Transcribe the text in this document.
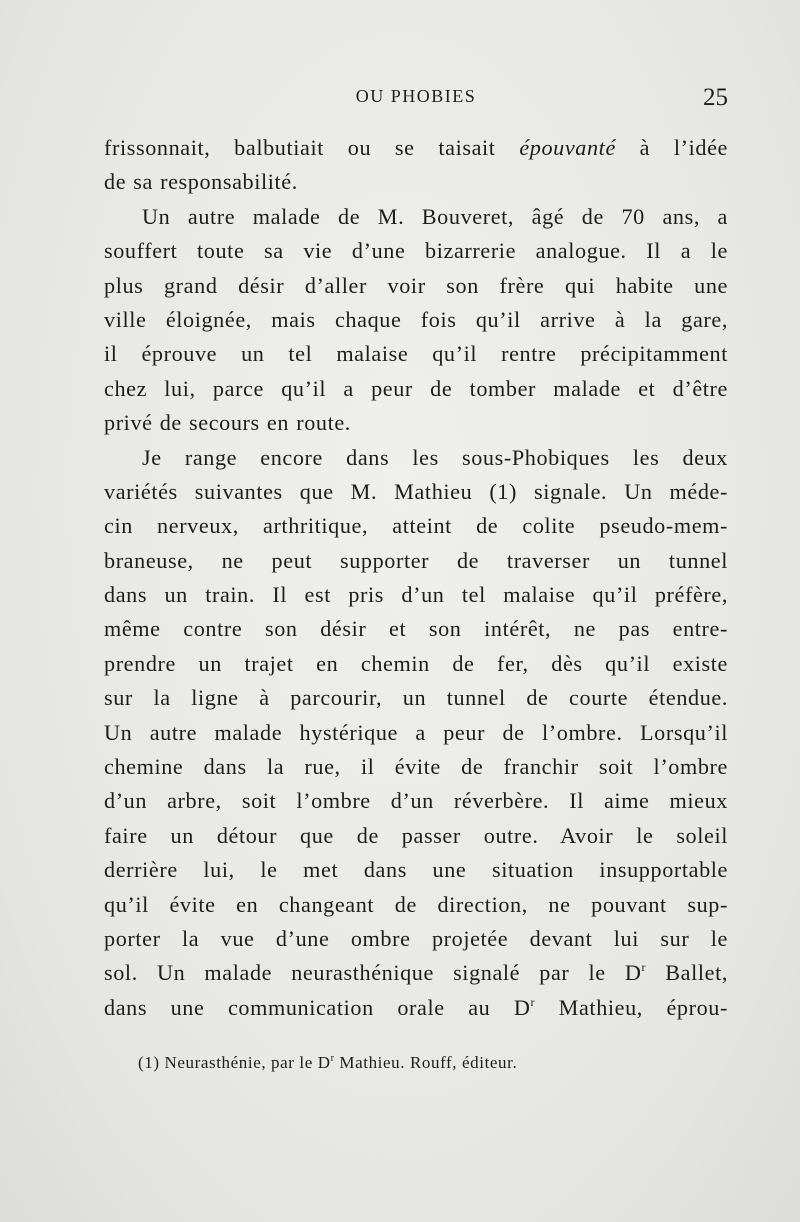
OU PHOBIES	25
frissonnait, balbutiait ou se taisait épouvanté à l’idée
de sa responsabilité.
Un autre malade de M. Bouveret, âgé de 70 ans, a
souffert toute sa vie d’une bizarrerie analogue. Il a le
plus grand désir d’aller voir son frère qui habite une
ville éloignée, mais chaque fois qu’il arrive à la gare,
il éprouve un tel malaise qu’il rentre précipitamment
chez lui, parce qu’il a peur de tomber malade et d’être
privé de secours en route.
Je range encore dans les sous-Phobiques les deux
variétés suivantes que M. Mathieu (1) signale. Un méde-
cin nerveux, arthritique, atteint de colite pseudo-mem-
braneuse, ne peut supporter de traverser un tunnel
dans un train. Il est pris d’un tel malaise qu’il préfère,
même contre son désir et son intérêt, ne pas entre-
prendre un trajet en chemin de fer, dès qu’il existe
sur la ligne à parcourir, un tunnel de courte étendue.
Un autre malade hystérique a peur de l’ombre. Lorsqu’il
chemine dans la rue, il évite de franchir soit l’ombre
d’un arbre, soit l’ombre d’un réverbère. Il aime mieux
faire un détour que de passer outre. Avoir le soleil
derrière lui, le met dans une situation insupportable
qu’il évite en changeant de direction, ne pouvant sup-
porter la vue d’une ombre projetée devant lui sur le
sol. Un malade neurasthénique signalé par le $D^r$ Ballet,
dans une communication orale au $D^r$ Mathieu, éprou-
(1) Neurasthénie, par le $D^r$ Mathieu. Rouff, éditeur.
